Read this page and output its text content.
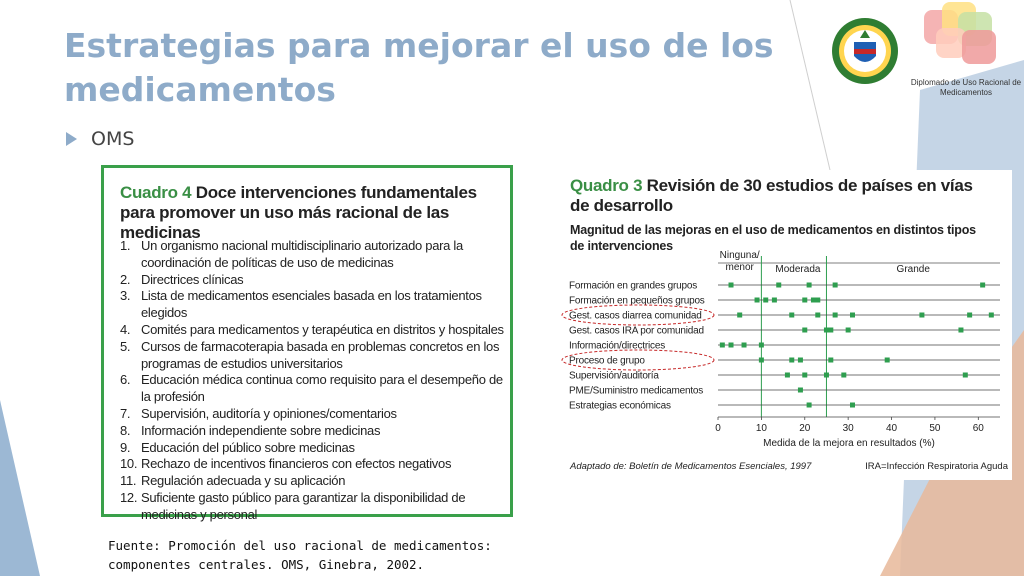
Estrategias para mejorar el uso de los medicamentos
OMS
Diplomado de Uso Racional de Medicamentos
Cuadro 4 Doce intervenciones fundamentales para promover un uso más racional de las medicinas
1. Un organismo nacional multidisciplinario autorizado para la coordinación de políticas de uso de medicinas
2. Directrices clínicas
3. Lista de medicamentos esenciales basada en los tratamientos elegidos
4. Comités para medicamentos y terapéutica en distritos y hospitales
5. Cursos de farmacoterapia basada en problemas concretos en los programas de estudios universitarios
6. Educación médica continua como requisito para el desempeño de la profesión
7. Supervisión, auditoría y opiniones/comentarios
8. Información independiente sobre medicinas
9. Educación del público sobre medicinas
10. Rechazo de incentivos financieros con efectos negativos
11. Regulación adecuada y su aplicación
12. Suficiente gasto público para garantizar la disponibilidad de medicinas y personal
Quadro 3 Revisión de 30 estudios de países en vías de desarrollo
Magnitud de las mejoras en el uso de medicamentos en distintos tipos de intervenciones
Ninguna/
menor Moderada	Grande
Formación en grandes grupos
Formación en pequeños grupos
Gest. casos diarrea comunidad
Gest. casos IRA por comunidad
Información/directrices
Proceso de grupo
Supervisión/auditoría
PME/Suministro medicamentos
Estrategias económicas
0	10	20	30	40	50	60
Medida de la mejora en resultados (%)
Adaptado de: Boletín de Medicamentos Esenciales, 1997	IRA=Infección Respiratoria Aguda
Fuente: Promoción del uso racional de medicamentos: componentes centrales. OMS, Ginebra, 2002.
